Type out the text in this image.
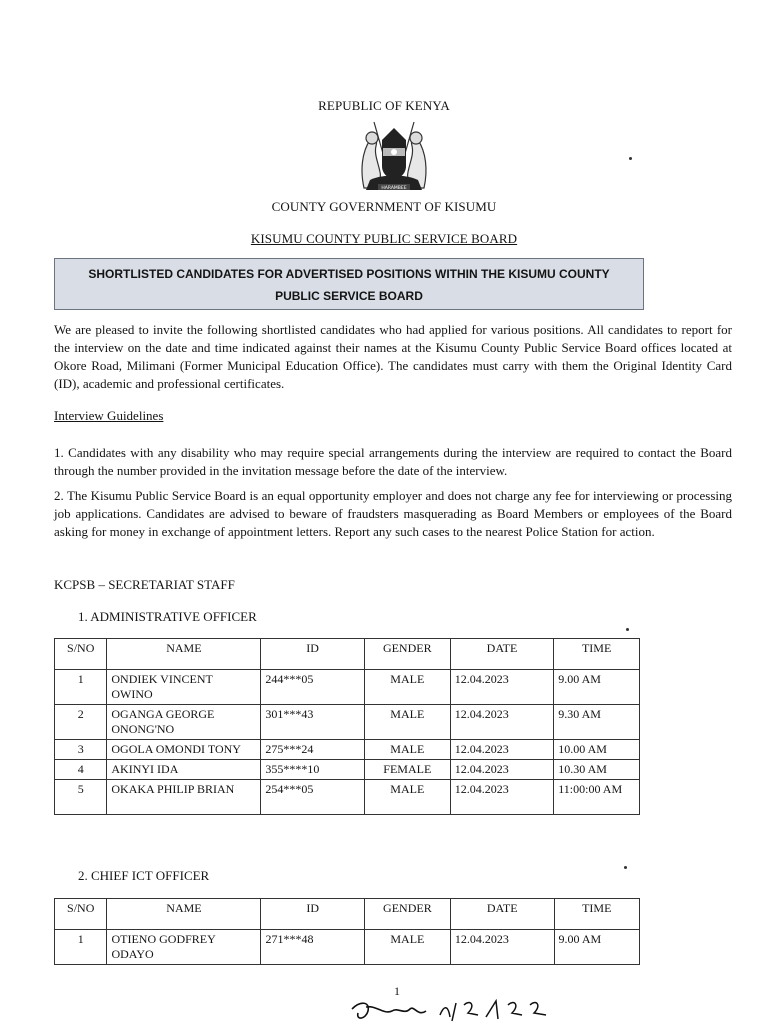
REPUBLIC OF KENYA
HARAMBEE
COUNTY GOVERNMENT OF KISUMU
KISUMU COUNTY PUBLIC SERVICE BOARD
SHORTLISTED CANDIDATES FOR ADVERTISED POSITIONS WITHIN THE KISUMU COUNTY
PUBLIC SERVICE BOARD
We are pleased to invite the following shortlisted candidates who had applied for various positions. All candidates to report for the interview on the date and time indicated against their names at the Kisumu County Public Service Board offices located at Okore Road, Milimani (Former Municipal Education Office). The candidates must carry with them the Original Identity Card (ID), academic and professional certificates.
Interview Guidelines
1. Candidates with any disability who may require special arrangements during the interview are required to contact the Board through the number provided in the invitation message before the date of the interview.
2. The Kisumu Public Service Board is an equal opportunity employer and does not charge any fee for interviewing or processing job applications. Candidates are advised to beware of fraudsters masquerading as Board Members or employees of the Board asking for money in exchange of appointment letters. Report any such cases to the nearest Police Station for action.
KCPSB – SECRETARIAT STAFF
1. ADMINISTRATIVE OFFICER
S/NO	NAME	ID	GENDER	DATE	TIME
1	ONDIEK VINCENT OWINO	244***05	MALE	12.04.2023	9.00 AM
2	OGANGA GEORGE ONONG'NO	301***43	MALE	12.04.2023	9.30 AM
3	OGOLA OMONDI TONY	275***24	MALE	12.04.2023	10.00 AM
4	AKINYI IDA	355****10	FEMALE	12.04.2023	10.30 AM
5	OKAKA PHILIP BRIAN	254***05	MALE	12.04.2023	11:00:00 AM
2. CHIEF ICT OFFICER
S/NO	NAME	ID	GENDER	DATE	TIME
1	OTIENO GODFREY ODAYO	271***48	MALE	12.04.2023	9.00 AM
1
